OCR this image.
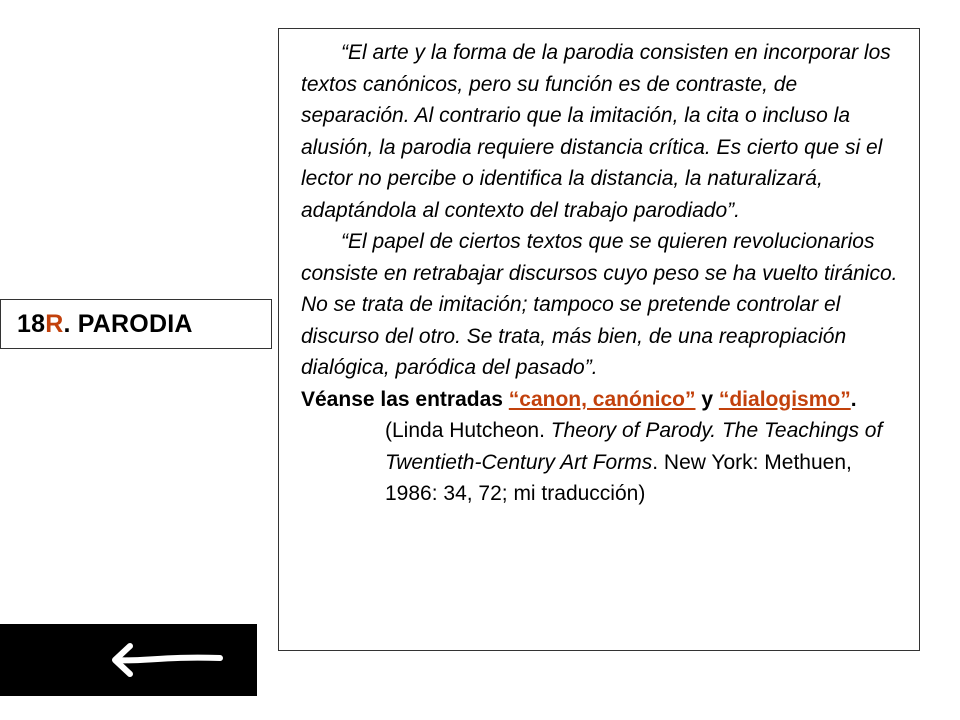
18 R . PARODIA

“El arte y la forma de la parodia consisten en incorporar los textos canónicos, pero su función es de contraste, de separación. Al contrario que la imitación, la cita o incluso la alusión, la parodia requiere distancia crítica. Es cierto que si el lector no percibe o identifica la distancia, la naturalizará, adaptándola al contexto del trabajo parodiado”.

“El papel de ciertos textos que se quieren revolucionarios consiste en retrabajar discursos cuyo peso se ha vuelto tiránico. No se trata de imitación; tampoco se pretende controlar el discurso del otro. Se trata, más bien, de una reapropiación dialógica, paródica del pasado”.

Véanse las entradas “canon, canónico” y “dialogismo”.

(Linda Hutcheon. Theory of Parody. The Teachings of Twentieth-Century Art Forms. New York: Methuen, 1986: 34, 72; mi traducción)
